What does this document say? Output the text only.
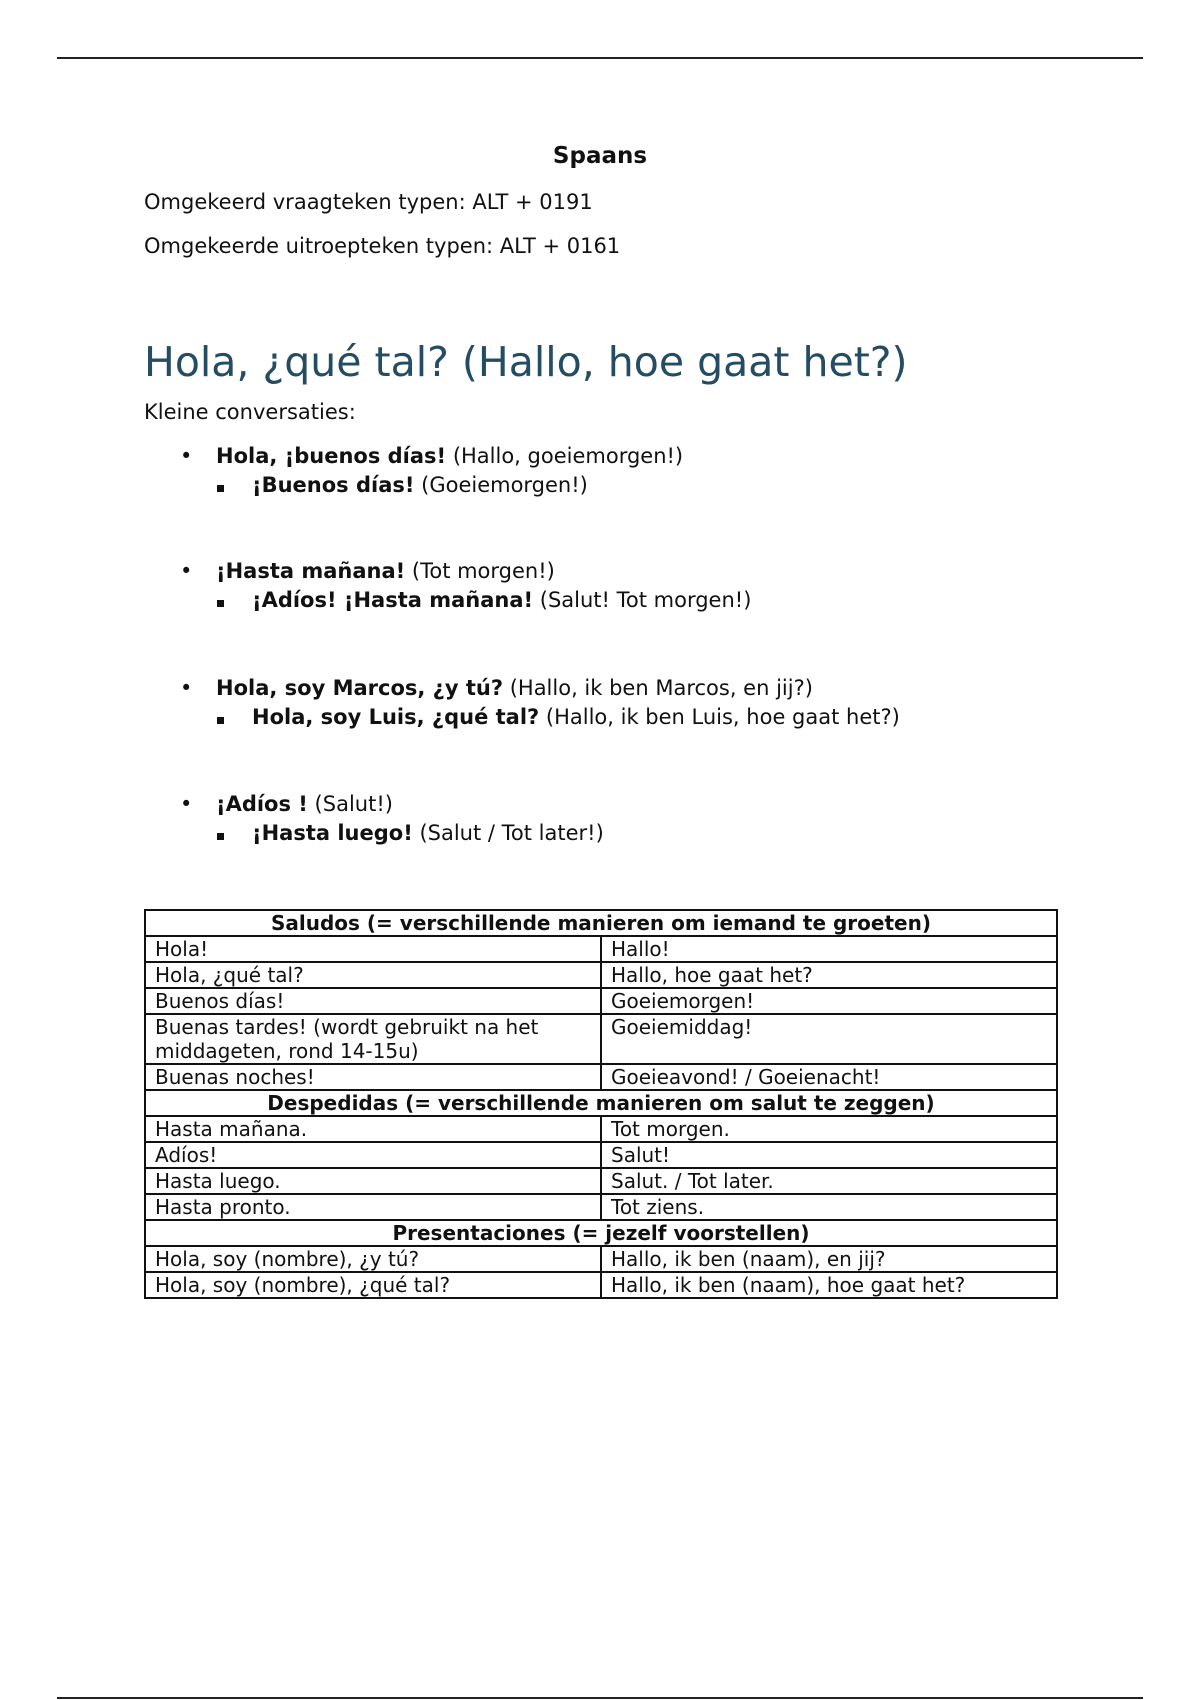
Spaans
Omgekeerd vraagteken typen: ALT + 0191
Omgekeerde uitroepteken typen: ALT + 0161
Hola, ¿qué tal? (Hallo, hoe gaat het?)
Kleine conversaties:
• Hola, ¡buenos días! (Hallo, goeiemorgen!)
¡Buenos días! (Goeiemorgen!)
• ¡Hasta mañana! (Tot morgen!)
¡Adíos! ¡Hasta mañana! (Salut! Tot morgen!)
• Hola, soy Marcos, ¿y tú? (Hallo, ik ben Marcos, en jij?)
Hola, soy Luis, ¿qué tal? (Hallo, ik ben Luis, hoe gaat het?)
• ¡Adíos ! (Salut!)
¡Hasta luego! (Salut / Tot later!)
Saludos (= verschillende manieren om iemand te groeten)	
Hola!	Hallo!
Hola, ¿qué tal?	Hallo, hoe gaat het?
Buenos días!	Goeiemorgen!
Buenas tardes! (wordt gebruikt na het middageten, rond 14-15u)	Goeiemiddag!
Buenas noches!	Goeieavond! / Goeienacht!
Despedidas (= verschillende manieren om salut te zeggen)	
Hasta mañana.	Tot morgen.
Adíos!	Salut!
Hasta luego.	Salut. / Tot later.
Hasta pronto.	Tot ziens.
Presentaciones (= jezelf voorstellen)	
Hola, soy (nombre), ¿y tú?	Hallo, ik ben (naam), en jij?
Hola, soy (nombre), ¿qué tal?	Hallo, ik ben (naam), hoe gaat het?
